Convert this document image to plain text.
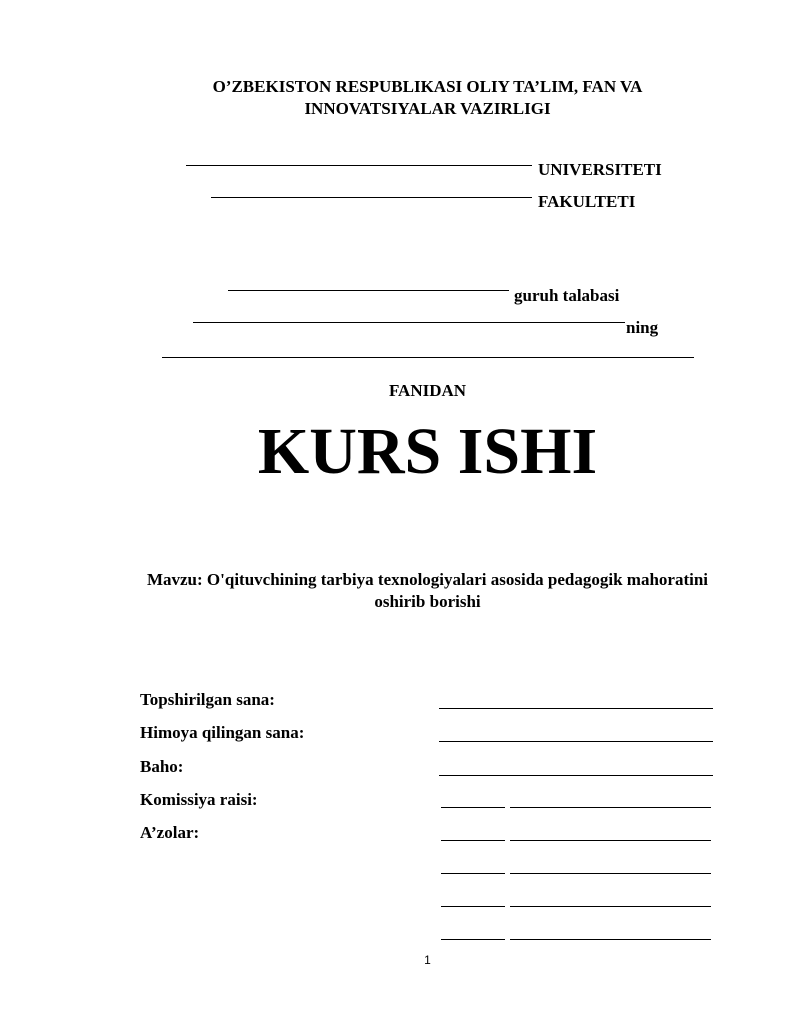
O’ZBEKISTON RESPUBLIKASI OLIY TA’LIM, FAN VA
INNOVATSIYALAR VAZIRLIGI
UNIVERSITETI
FAKULTETI
guruh talabasi
ning
FANIDAN
KURS ISHI
Mavzu: O'qituvchining tarbiya texnologiyalari asosida pedagogik mahoratini oshirib borishi
Topshirilgan sana:
Himoya qilingan sana:
Baho:
Komissiya raisi:
A’zolar:
1
